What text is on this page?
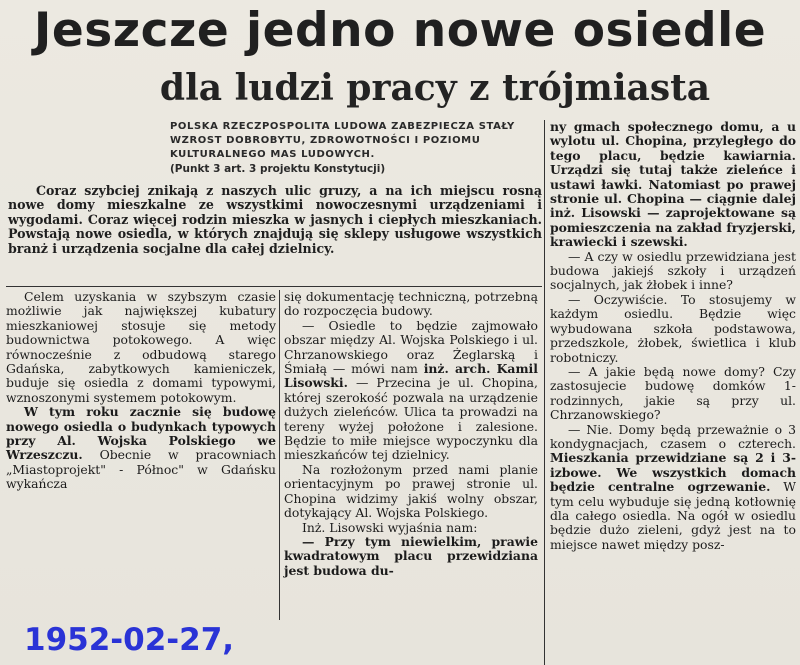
Jeszcze jedno nowe osiedle
dla ludzi pracy z trójmiasta
POLSKA RZECZPOSPOLITA LUDOWA ZABEZPIECZA STAŁY WZROST DOBROBYTU, ZDROWOTNOŚCI I POZIOMU KULTURALNEGO MAS LUDOWYCH.
(Punkt 3 art. 3 projektu Konstytucji)

Coraz szybciej znikają z naszych ulic gruzy, a na ich miejscu rosną nowe domy mieszkalne ze wszystkimi nowoczesnymi urządzeniami i wygodami. Coraz więcej rodzin mieszka w jasnych i ciepłych mieszkaniach. Powstają nowe osiedla, w których znajdują się sklepy usługowe wszystkich branż i urządzenia socjalne dla całej dzielnicy.

Celem uzyskania w szybszym czasie możliwie jak największej kubatury mieszkaniowej stosuje się metody budownictwa potokowego. A więc równocześnie z odbudową starego Gdańska, zabytkowych kamieniczek, buduje się osiedla z domami typowymi, wznoszonymi systemem potokowym.

W tym roku zacznie się budowę nowego osiedla o budynkach typowych przy Al. Wojska Polskiego we Wrzeszczu. Obecnie w pracowniach „Miastoprojekt" - Północ" w Gdańsku wykańcza

się dokumentację techniczną, potrzebną do rozpoczęcia budowy.

— Osiedle to będzie zajmowało obszar między Al. Wojska Polskiego i ul. Chrzanowskiego oraz Żeglarską i Śmiałą — mówi nam inż. arch. Kamil Lisowski. — Przecina je ul. Chopina, której szerokość pozwala na urządzenie dużych zieleńców. Ulica ta prowadzi na tereny wyżej położone i zalesione. Będzie to miłe miejsce wypoczynku dla mieszkańców tej dzielnicy.

Na rozłożonym przed nami planie orientacyjnym po prawej stronie ul. Chopina widzimy jakiś wolny obszar, dotykający Al. Wojska Polskiego.

Inż. Lisowski wyjaśnia nam:

— Przy tym niewielkim, prawie kwadratowym placu przewidziana jest budowa du-

ny gmach społecznego domu, a u wylotu ul. Chopina, przyległego do tego placu, będzie kawiarnia. Urządzi się tutaj także zieleńce i ustawi ławki. Natomiast po prawej stronie ul. Chopina — ciągnie dalej inż. Lisowski — zaprojektowane są pomieszczenia na zakład fryzjerski, krawiecki i szewski.

— A czy w osiedlu przewidziana jest budowa jakiejś szkoły i urządzeń socjalnych, jak żłobek i inne?

— Oczywiście. To stosujemy w każdym osiedlu. Będzie więc wybudowana szkoła podstawowa, przedszkole, żłobek, świetlica i klub robotniczy.

— A jakie będą nowe domy? Czy zastosujecie budowę domków 1-rodzinnych, jakie są przy ul. Chrzanowskiego?

— Nie. Domy będą przeważnie o 3 kondygnacjach, czasem o czterech. Mieszkania przewidziane są 2 i 3-izbowe. We wszystkich domach będzie centralne ogrzewanie. W tym celu wybuduje się jedną kotłownię dla całego osiedla. Na ogół w osiedlu będzie dużo zieleni, gdyż jest na to miejsce nawet między posz-

1952-02-27,
